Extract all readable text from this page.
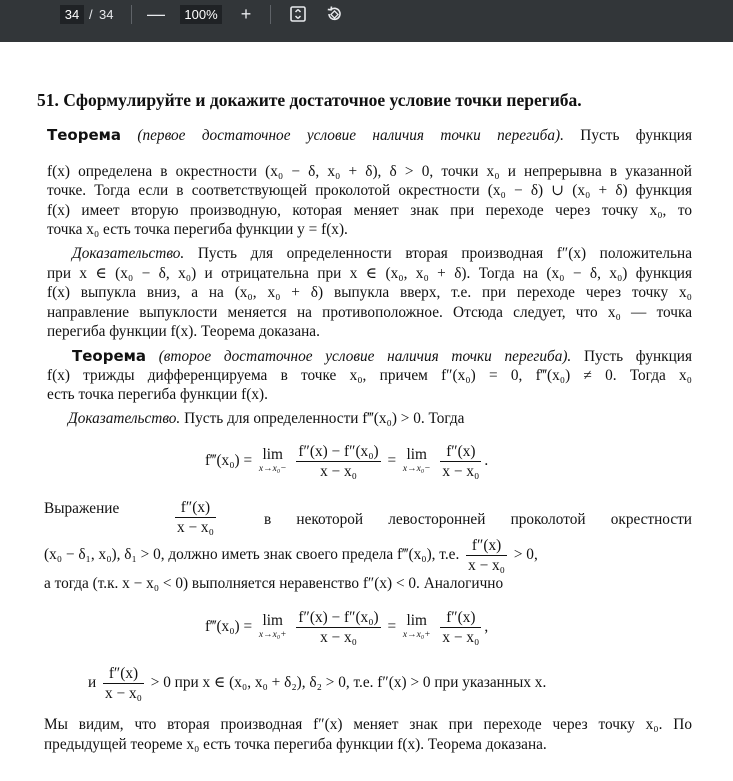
34 / 34 —	100%	+
51. Сформулируйте и докажите достаточное условие точки перегиба.
Теорема (первое достаточное условие наличия точки перегиба). Пусть функция
f(x) определена в окрестности (x₀ − δ, x₀ + δ), δ > 0, точки x₀ и непрерывна в указанной
точке. Тогда если в соответствующей проколотой окрестности (x₀ − δ) ∪ (x₀ + δ) функция
f(x) имеет вторую производную, которая меняет знак при переходе через точку x₀, то
точка x₀ есть точка перегиба функции y = f(x).
Доказательство. Пусть для определенности вторая производная f″(x) положительна
при x ∈ (x₀ − δ, x₀) и отрицательна при x ∈ (x₀, x₀ + δ). Тогда на (x₀ − δ, x₀) функция
f(x) выпукла вниз, а на (x₀, x₀ + δ) выпукла вверх, т.е. при переходе через точку x₀
направление выпуклости меняется на противоположное. Отсюда следует, что x₀ — точка
перегиба функции f(x). Теорема доказана.
Теорема (второе достаточное условие наличия точки перегиба). Пусть функция
f(x) трижды дифференцируема в точке x₀, причем f″(x₀) = 0, f‴(x₀) ≠ 0. Тогда x₀
есть точка перегиба функции f(x).
Доказательство. Пусть для определенности f‴(x₀) > 0. Тогда
f‴(x₀) = lim
x→x₀−
$\frac{\text{f″(x) − f″(x₀)}}{\text{x − x₀}} = \lim$
x→x₀−
$\frac{f''(x)}{\text{x − x₀}}$ .
Выражение	$\frac{f''(x)}{\text{x − x₀}}$	в некоторой левосторонней проколотой окрестности
(x₀ − δ₁, x₀), δ₁ > 0, должно иметь знак своего предела f‴(x₀), т.е. $\frac{f''(x)}{\text{x − x₀}} > 0$,
а тогда (т.к. x − x₀ < 0) выполняется неравенство f″(x) < 0. Аналогично
f‴(x₀) = lim
x→x₀+
$\frac{\text{f″(x) − f″(x₀)}}{\text{x − x₀}} = \lim$
x→x₀+
$\frac{f''(x)}{\text{x − x₀}}$ ,
и $\frac{f''(x)}{\text{x − x₀}} > 0$ при x ∈ (x₀, x₀ + δ₂), δ₂ > 0, т.е. f″(x) > 0 при указанных x.
Мы видим, что вторая производная f″(x) меняет знак при переходе через точку x₀. По
предыдущей теореме x₀ есть точка перегиба функции f(x). Теорема доказана.
